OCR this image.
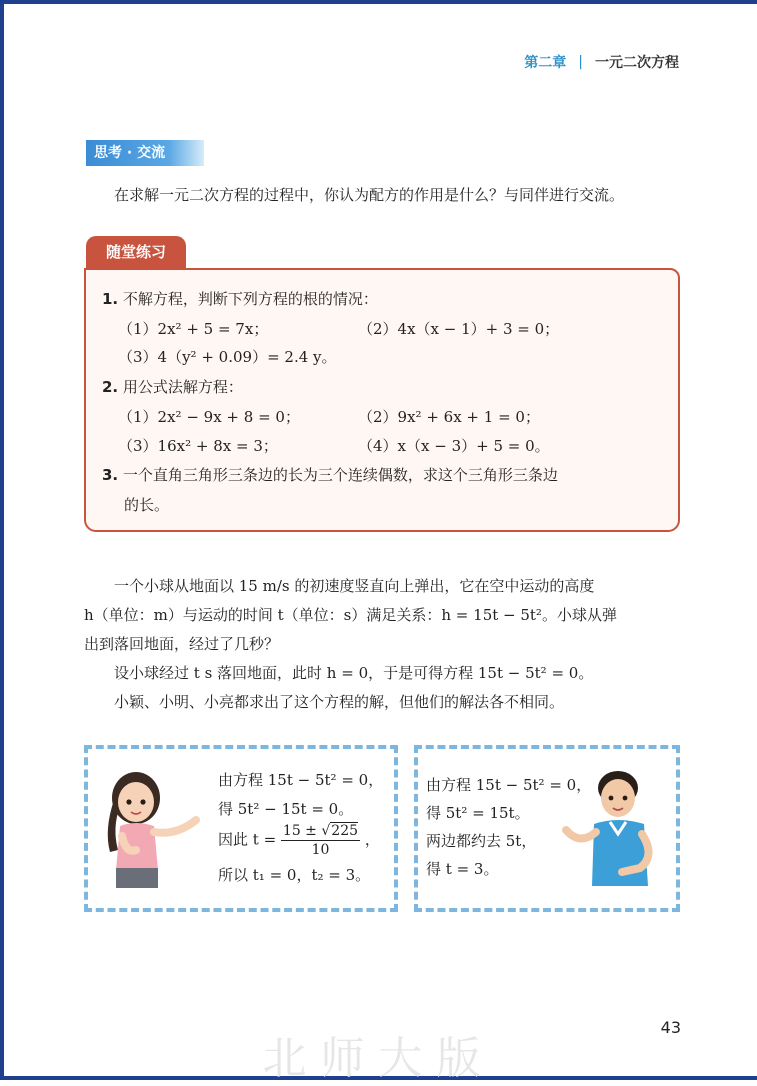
第二章 | 一元二次方程
思考 · 交流
在求解一元二次方程的过程中，你认为配方的作用是什么？与同伴进行交流。
随堂练习
1. 不解方程，判断下列方程的根的情况：
（1）2x² + 5 = 7x；	（2）4x（x − 1）+ 3 = 0；
（3）4（y² + 0.09）= 2.4 y。
2. 用公式法解方程：
（1）2x² − 9x + 8 = 0；	（2）9x² + 6x + 1 = 0；
（3）16x² + 8x = 3；	（4）x（x − 3）+ 5 = 0。
3. 一个直角三角形三条边的长为三个连续偶数，求这个三角形三条边
的长。
一个小球从地面以 15 m/s 的初速度竖直向上弹出，它在空中运动的高度
h（单位：m）与运动的时间 t（单位：s）满足关系：h = 15t − 5t²。小球从弹
出到落回地面，经过了几秒？
设小球经过 t s 落回地面，此时 h = 0，于是可得方程 15t − 5t² = 0。
小颖、小明、小亮都求出了这个方程的解，但他们的解法各不相同。
由方程 15t − 5t² = 0，
得 5t² − 15t = 0。
因此 $t = \frac{15 \pm √225}{10}$ ，
所以 t₁ = 0，t₂ = 3。
由方程 15t − 5t² = 0，
得 5t² = 15t。
两边都约去 5t，
得 t = 3。
43
北师大版
